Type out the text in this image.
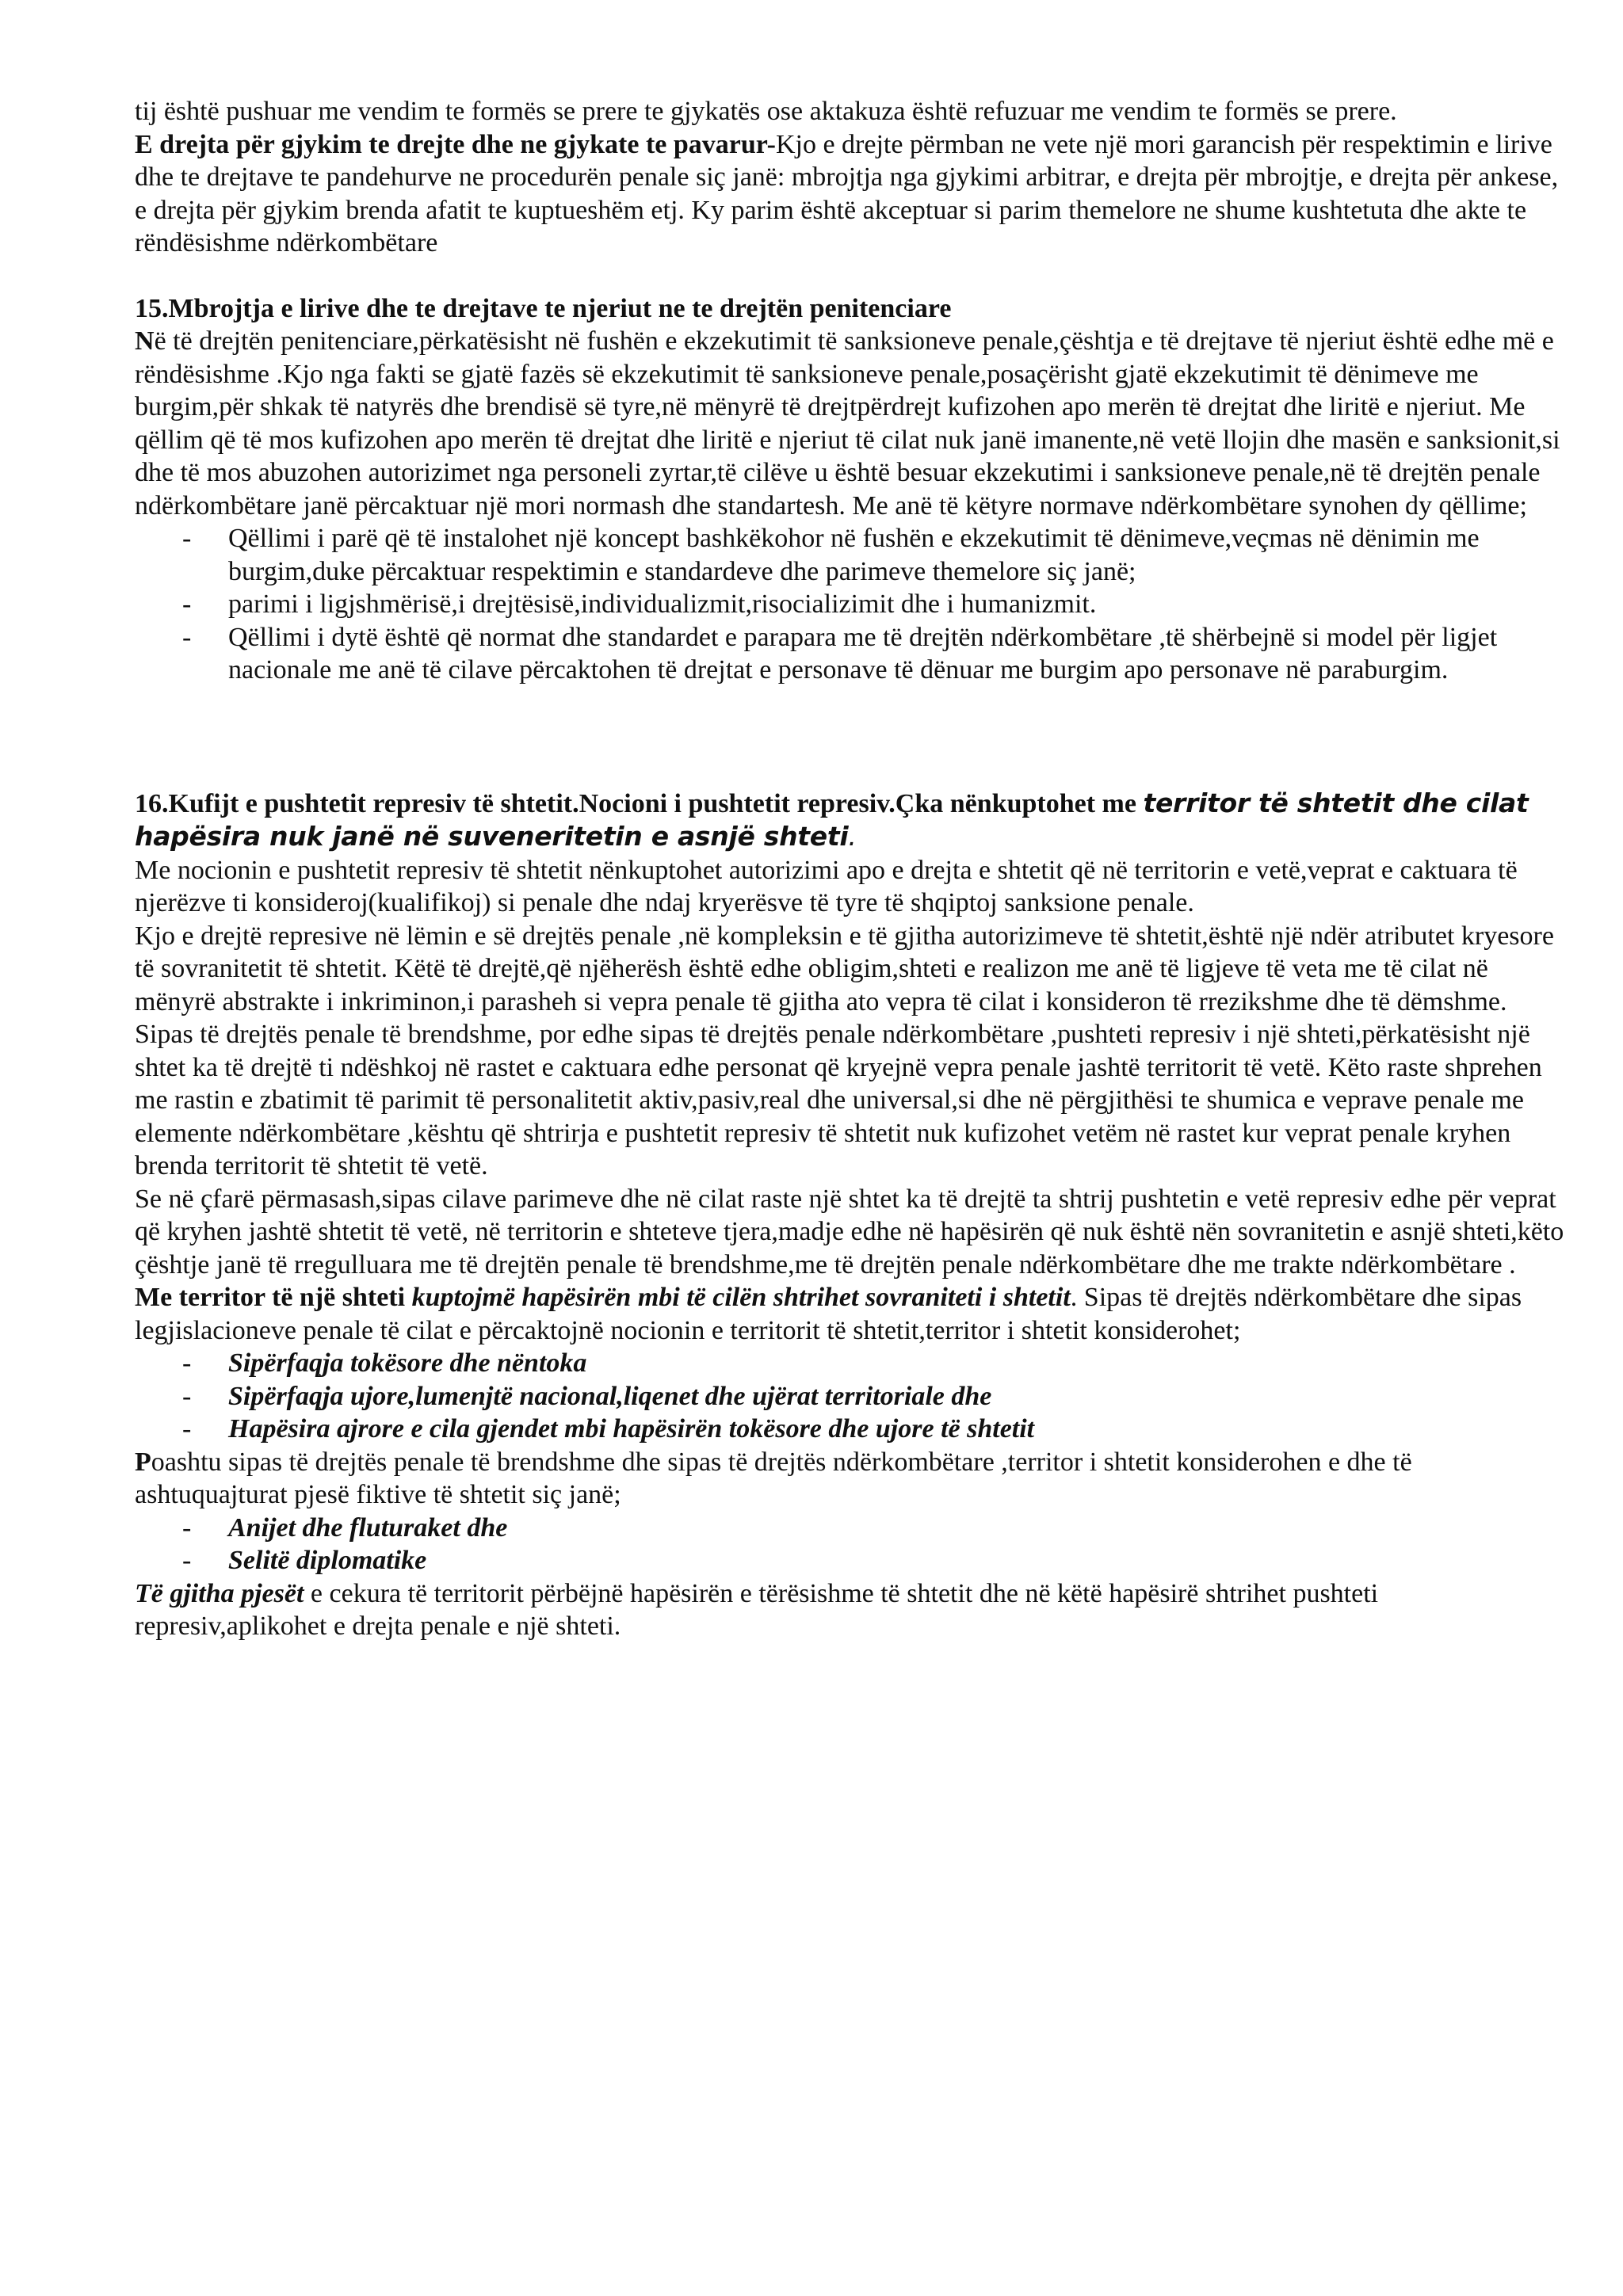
tij është pushuar me vendim te formës se prere te gjykatës ose aktakuza është refuzuar me vendim te formës se prere.

E drejta për gjykim te drejte dhe ne gjykate te pavarur-Kjo e drejte përmban ne vete një mori garancish për respektimin e lirive dhe te drejtave te pandehurve ne procedurën penale siç janë: mbrojtja nga gjykimi arbitrar, e drejta për mbrojtje, e drejta për ankese, e drejta për gjykim brenda afatit te kuptueshëm etj. Ky parim është akceptuar si parim themelore ne shume kushtetuta dhe akte te rëndësishme ndërkombëtare

15.Mbrojtja e lirive dhe te drejtave te njeriut ne te drejtën penitenciare

Në të drejtën penitenciare,përkatësisht në fushën e ekzekutimit të sanksioneve penale,çështja e të drejtave të njeriut është edhe më e rëndësishme .Kjo nga fakti se gjatë fazës së ekzekutimit të sanksioneve penale,posaçërisht gjatë ekzekutimit të dënimeve me burgim,për shkak të natyrës dhe brendisë së tyre,në mënyrë të drejtpërdrejt kufizohen apo merën të drejtat dhe liritë e njeriut. Me qëllim që të mos kufizohen apo merën të drejtat dhe liritë e njeriut të cilat nuk janë imanente,në vetë llojin dhe masën e sanksionit,si dhe të mos abuzohen autorizimet nga personeli zyrtar,të cilëve u është besuar ekzekutimi i sanksioneve penale,në të drejtën penale ndërkombëtare janë përcaktuar një mori normash dhe standartesh. Me anë të këtyre normave ndërkombëtare synohen dy qëllime;

- Qëllimi i parë që të instalohet një koncept bashkëkohor në fushën e ekzekutimit të dënimeve,veçmas në dënimin me burgim,duke përcaktuar respektimin e standardeve dhe parimeve themelore siç janë;
- parimi i ligjshmërisë,i drejtësisë,individualizmit,risocializimit dhe i humanizmit.
- Qëllimi i dytë është që normat dhe standardet e parapara me të drejtën ndërkombëtare ,të shërbejnë si model për ligjet nacionale me anë të cilave përcaktohen të drejtat e personave të dënuar me burgim apo personave në paraburgim.

16.Kufijt e pushtetit represiv të shtetit.Nocioni i pushtetit represiv.Çka nënkuptohet me territor të shtetit dhe cilat hapësira nuk janë në suveneritetin e asnjë shteti.

Me nocionin e pushtetit represiv të shtetit nënkuptohet autorizimi apo e drejta e shtetit që në territorin e vetë,veprat e caktuara të njerëzve ti konsideroj(kualifikoj) si penale dhe ndaj kryerësve të tyre të shqiptoj sanksione penale.

Kjo e drejtë represive në lëmin e së drejtës penale ,në kompleksin e të gjitha autorizimeve të shtetit,është një ndër atributet kryesore të sovranitetit të shtetit. Këtë të drejtë,që njëherësh është edhe obligim,shteti e realizon me anë të ligjeve të veta me të cilat në mënyrë abstrakte i inkriminon,i parasheh si vepra penale të gjitha ato vepra të cilat i konsideron të rrezikshme dhe të dëmshme.

Sipas të drejtës penale të brendshme, por edhe sipas të drejtës penale ndërkombëtare ,pushteti represiv i një shteti,përkatësisht një shtet ka të drejtë ti ndëshkoj në rastet e caktuara edhe personat që kryejnë vepra penale jashtë territorit të vetë. Këto raste shprehen me rastin e zbatimit të parimit të personalitetit aktiv,pasiv,real dhe universal,si dhe në përgjithësi te shumica e veprave penale me elemente ndërkombëtare ,kështu që shtrirja e pushtetit represiv të shtetit nuk kufizohet vetëm në rastet kur veprat penale kryhen brenda territorit të shtetit të vetë.

Se në çfarë përmasash,sipas cilave parimeve dhe në cilat raste një shtet ka të drejtë ta shtrij pushtetin e vetë represiv edhe për veprat që kryhen jashtë shtetit të vetë, në territorin e shteteve tjera,madje edhe në hapësirën që nuk është nën sovranitetin e asnjë shteti,këto çështje janë të rregulluara me të drejtën penale të brendshme,me të drejtën penale ndërkombëtare dhe me trakte ndërkombëtare .

Me territor të një shteti kuptojmë hapësirën mbi të cilën shtrihet sovraniteti i shtetit. Sipas të drejtës ndërkombëtare dhe sipas legjislacioneve penale të cilat e përcaktojnë nocionin e territorit të shtetit,territor i shtetit konsiderohet;

- Sipërfaqja tokësore dhe nëntoka
- Sipërfaqja ujore,lumenjtë nacional,liqenet dhe ujërat territoriale dhe
- Hapësira ajrore e cila gjendet mbi hapësirën tokësore dhe ujore të shtetit

Poashtu sipas të drejtës penale të brendshme dhe sipas të drejtës ndërkombëtare ,territor i shtetit konsiderohen e dhe të ashtuquajturat pjesë fiktive të shtetit siç janë;

- Anijet dhe fluturaket dhe
- Selitë diplomatike

Të gjitha pjesët e cekura të territorit përbëjnë hapësirën e tërësishme të shtetit dhe në këtë hapësirë shtrihet pushteti represiv,aplikohet e drejta penale e një shteti.
